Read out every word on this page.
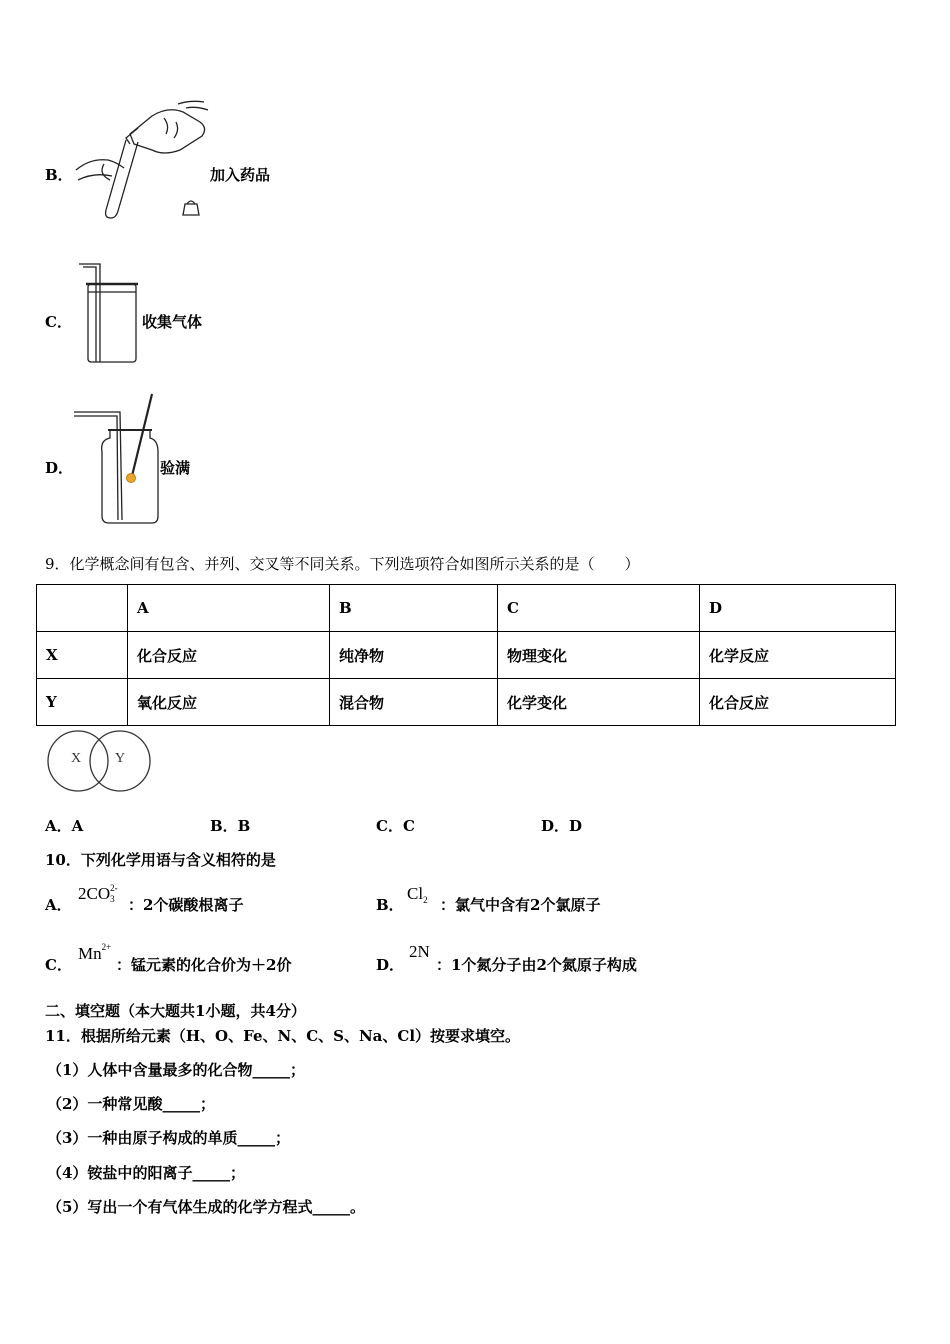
B．	加入药品
C．	收集气体
D．	验满
9．化学概念间有包含、并列、交叉等不同关系。下列选项符合如图所示关系的是（　　）
	A	B	C	D
X	化合反应	纯净物	物理变化	化学反应
Y	氧化反应	混合物	化学变化	化合反应
X Y
A．A	B．B	C．C	D．D
10．下列化学用语与含义相符的是
A．
2CO 2-
3 ：2个碳酸根离子	B．
$Cl_2$ ：氯气中含有2个氯原子
C．
$Mn^{2+}$
：锰元素的化合价为＋2价	D．
2N
：1个氮分子由2个氮原子构成
二、填空题（本大题共1小题，共4分）
11．根据所给元素（H、O、Fe、N、C、S、Na、Cl）按要求填空。
（1）人体中含量最多的化合物_____；
（2）一种常见酸_____；
（3）一种由原子构成的单质_____；
（4）铵盐中的阳离子_____；
（5）写出一个有气体生成的化学方程式_____。
